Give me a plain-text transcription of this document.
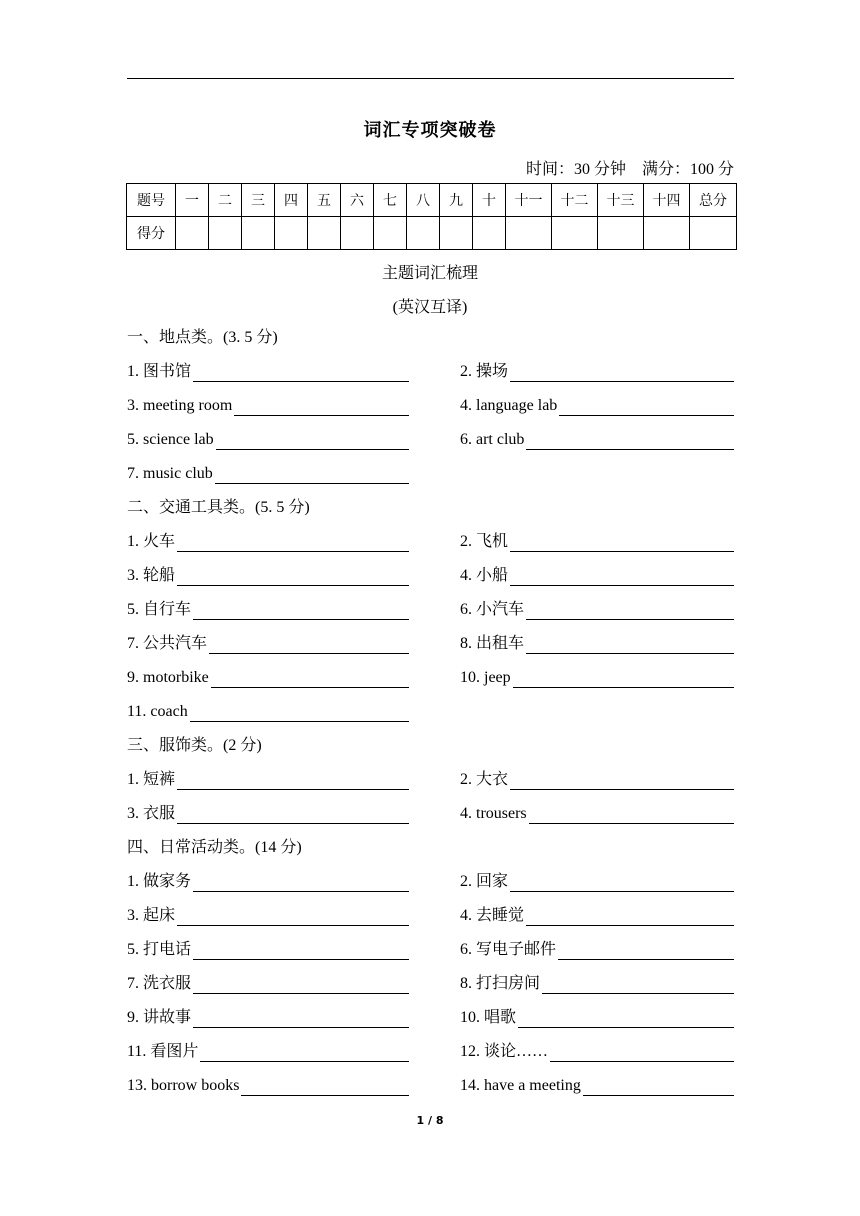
词汇专项突破卷
时间：30 分钟 满分：100 分
题号	一	二	三	四	五	六	七	八	九	十	十一	十二	十三	十四	总分
得分															
主题词汇梳理
(英汉互译)
一、地点类。(3. 5 分)
1. 图书馆	2. 操场
3. meeting room	4. language lab
5. science lab	6. art club
7. music club
二、交通工具类。(5. 5 分)
1. 火车	2. 飞机
3. 轮船	4. 小船
5. 自行车	6. 小汽车
7. 公共汽车	8. 出租车
9. motorbike	10. jeep
11. coach
三、服饰类。(2 分)
1. 短裤	2. 大衣
3. 衣服	4. trousers
四、日常活动类。(14 分)
1. 做家务	2. 回家
3. 起床	4. 去睡觉
5. 打电话	6. 写电子邮件
7. 洗衣服	8. 打扫房间
9. 讲故事	10. 唱歌
11. 看图片	12. 谈论……
13. borrow books	14. have a meeting
1 / 8
